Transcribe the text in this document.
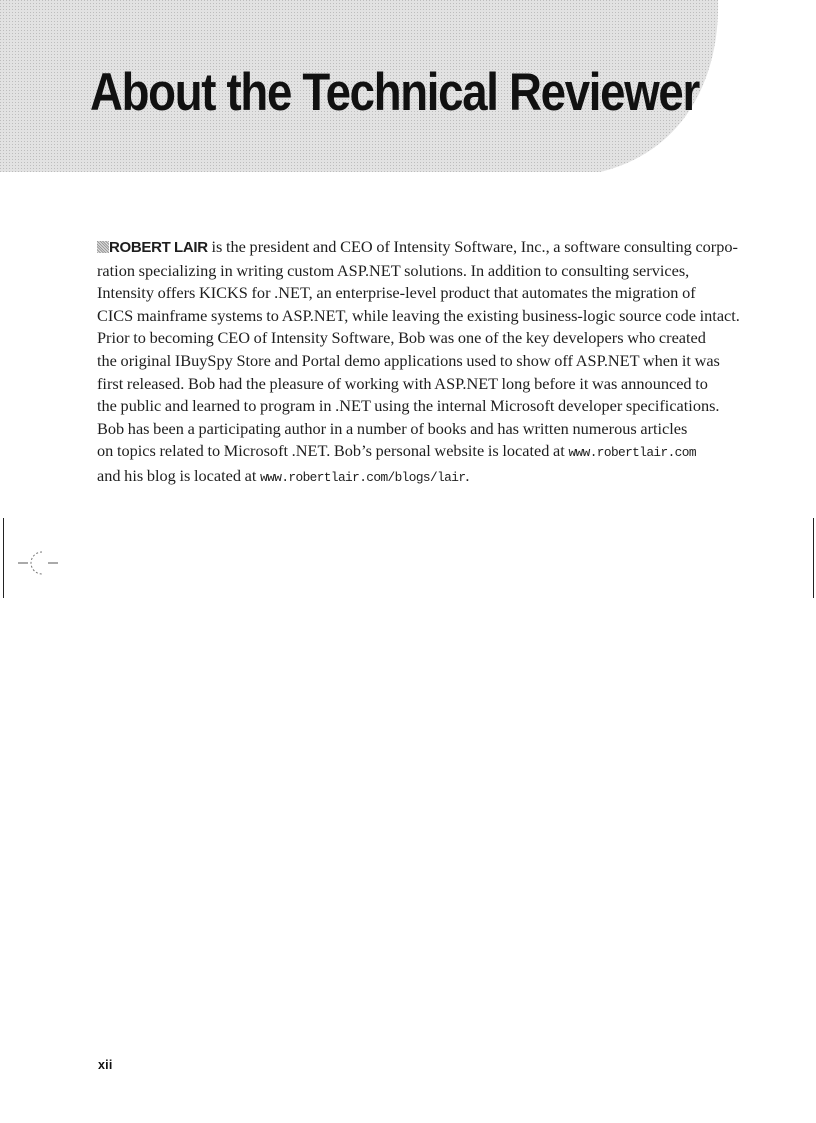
About the Technical Reviewer

ROBERT LAIR is the president and CEO of Intensity Software, Inc., a software consulting corpo-
ration specializing in writing custom ASP.NET solutions. In addition to consulting services,
Intensity offers KICKS for .NET, an enterprise-level product that automates the migration of
CICS mainframe systems to ASP.NET, while leaving the existing business-logic source code intact.
Prior to becoming CEO of Intensity Software, Bob was one of the key developers who created
the original IBuySpy Store and Portal demo applications used to show off ASP.NET when it was
first released. Bob had the pleasure of working with ASP.NET long before it was announced to
the public and learned to program in .NET using the internal Microsoft developer specifications.
Bob has been a participating author in a number of books and has written numerous articles
on topics related to Microsoft .NET. Bob’s personal website is located at www.robertlair.com
and his blog is located at www.robertlair.com/blogs/lair.

xii
